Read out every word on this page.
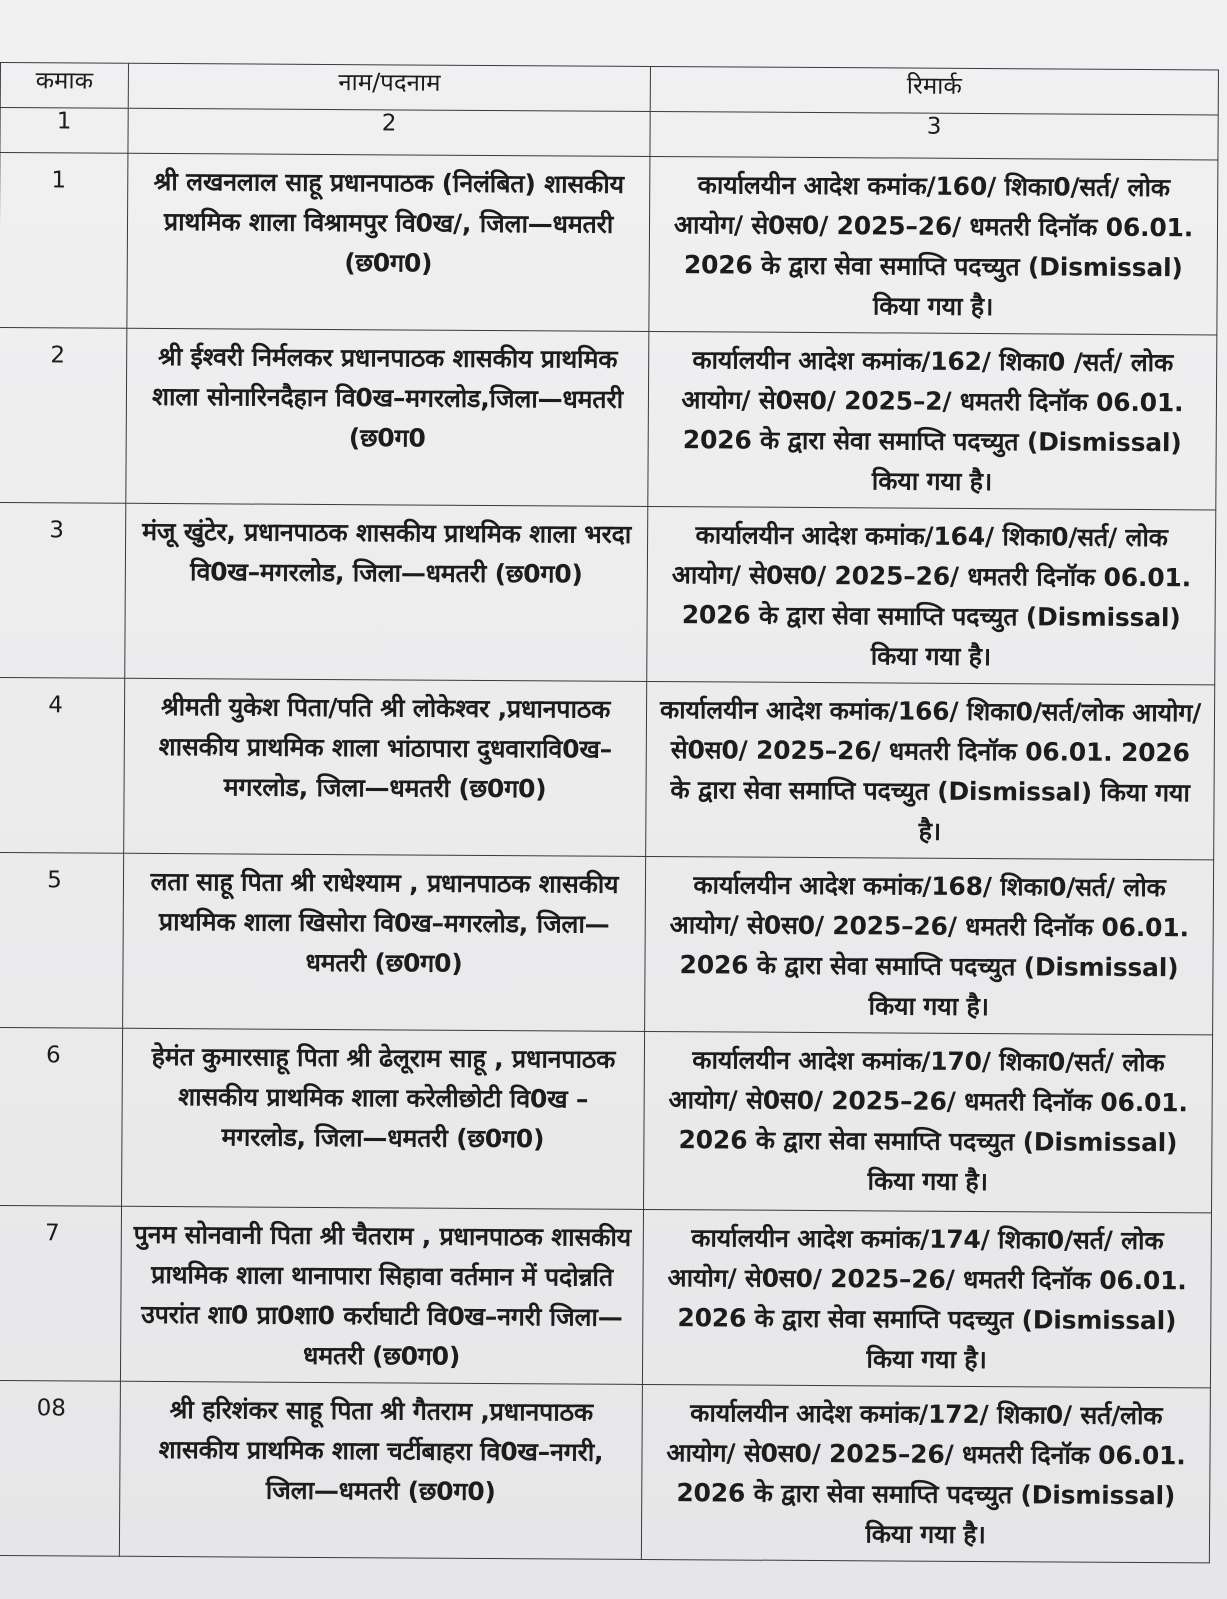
कमाक	नाम/पदनाम	रिमार्क
1	2	3
1	श्री लखनलाल साहू प्रधानपाठक (निलंबित) शासकीय प्राथमिक शाला विश्रामपुर वि0ख/, जिला—धमतरी (छ0ग0)	कार्यालयीन आदेश कमांक/160/ शिका0/सर्त/ लोक आयोग/ से0स0/ 2025–26/ धमतरी दिनॉक 06.01. 2026 के द्वारा सेवा समाप्ति पदच्युत (Dismissal) किया गया है।
2	श्री ईश्वरी निर्मलकर प्रधानपाठक शासकीय प्राथमिक शाला सोनारिनदैहान वि0ख–मगरलोड,जिला—धमतरी (छ0ग0	कार्यालयीन आदेश कमांक/162/ शिका0 /सर्त/ लोक आयोग/ से0स0/ 2025–2/ धमतरी दिनॉक 06.01. 2026 के द्वारा सेवा समाप्ति पदच्युत (Dismissal) किया गया है।
3	मंजू खुंटेर, प्रधानपाठक शासकीय प्राथमिक शाला भरदा वि0ख–मगरलोड, जिला—धमतरी (छ0ग0)	कार्यालयीन आदेश कमांक/164/ शिका0/सर्त/ लोक आयोग/ से0स0/ 2025–26/ धमतरी दिनॉक 06.01. 2026 के द्वारा सेवा समाप्ति पदच्युत (Dismissal) किया गया है।
4	श्रीमती युकेश पिता/पति श्री लोकेश्वर ,प्रधानपाठक शासकीय प्राथमिक शाला भांठापारा दुधवारावि0ख–मगरलोड, जिला—धमतरी (छ0ग0)	कार्यालयीन आदेश कमांक/166/ शिका0/सर्त/लोक आयोग/ से0स0/ 2025–26/ धमतरी दिनॉक 06.01. 2026 के द्वारा सेवा समाप्ति पदच्युत (Dismissal) किया गया है।
5	लता साहू पिता श्री राधेश्याम , प्रधानपाठक शासकीय प्राथमिक शाला खिसोरा वि0ख–मगरलोड, जिला—धमतरी (छ0ग0)	कार्यालयीन आदेश कमांक/168/ शिका0/सर्त/ लोक आयोग/ से0स0/ 2025–26/ धमतरी दिनॉक 06.01. 2026 के द्वारा सेवा समाप्ति पदच्युत (Dismissal) किया गया है।
6	हेमंत कुमारसाहू पिता श्री ढेलूराम साहू , प्रधानपाठक शासकीय प्राथमिक शाला करेलीछोटी वि0ख – मगरलोड, जिला—धमतरी (छ0ग0)	कार्यालयीन आदेश कमांक/170/ शिका0/सर्त/ लोक आयोग/ से0स0/ 2025–26/ धमतरी दिनॉक 06.01. 2026 के द्वारा सेवा समाप्ति पदच्युत (Dismissal) किया गया है।
7	पुनम सोनवानी पिता श्री चैतराम , प्रधानपाठक शासकीय प्राथमिक शाला थानापारा सिहावा वर्तमान में पदोन्नति उपरांत शा0 प्रा0शा0 कर्राघाटी वि0ख–नगरी जिला—धमतरी (छ0ग0)	कार्यालयीन आदेश कमांक/174/ शिका0/सर्त/ लोक आयोग/ से0स0/ 2025–26/ धमतरी दिनॉक 06.01. 2026 के द्वारा सेवा समाप्ति पदच्युत (Dismissal) किया गया है।
08	श्री हरिशंकर साहू पिता श्री गैतराम ,प्रधानपाठक शासकीय प्राथमिक शाला चर्टीबाहरा वि0ख–नगरी, जिला—धमतरी (छ0ग0)	कार्यालयीन आदेश कमांक/172/ शिका0/ सर्त/लोक आयोग/ से0स0/ 2025–26/ धमतरी दिनॉक 06.01. 2026 के द्वारा सेवा समाप्ति पदच्युत (Dismissal) किया गया है।
